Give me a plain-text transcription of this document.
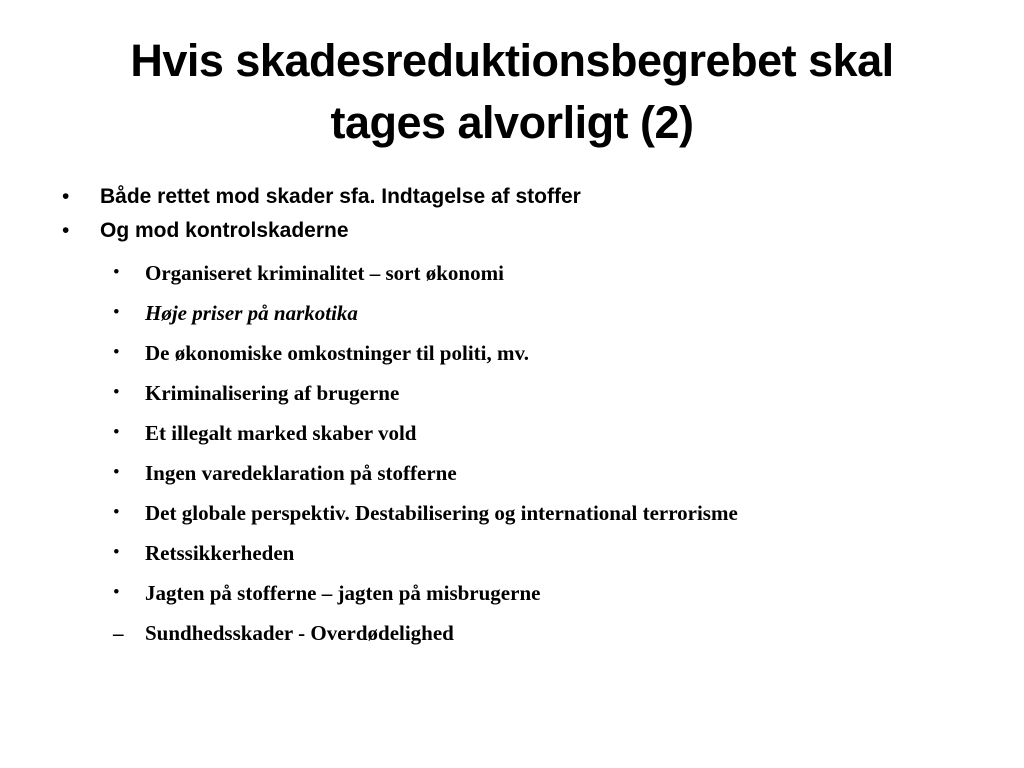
Hvis skadesreduktionsbegrebet skal
tages alvorligt (2)
• Både rettet mod skader sfa. Indtagelse af stoffer
• Og mod kontrolskaderne
• Organiseret kriminalitet – sort økonomi
• Høje priser på narkotika
• De økonomiske omkostninger til politi, mv.
• Kriminalisering af brugerne
• Et illegalt marked skaber vold
• Ingen varedeklaration på stofferne
• Det globale perspektiv. Destabilisering og international terrorisme
• Retssikkerheden
• Jagten på stofferne – jagten på misbrugerne
– Sundhedsskader - Overdødelighed
